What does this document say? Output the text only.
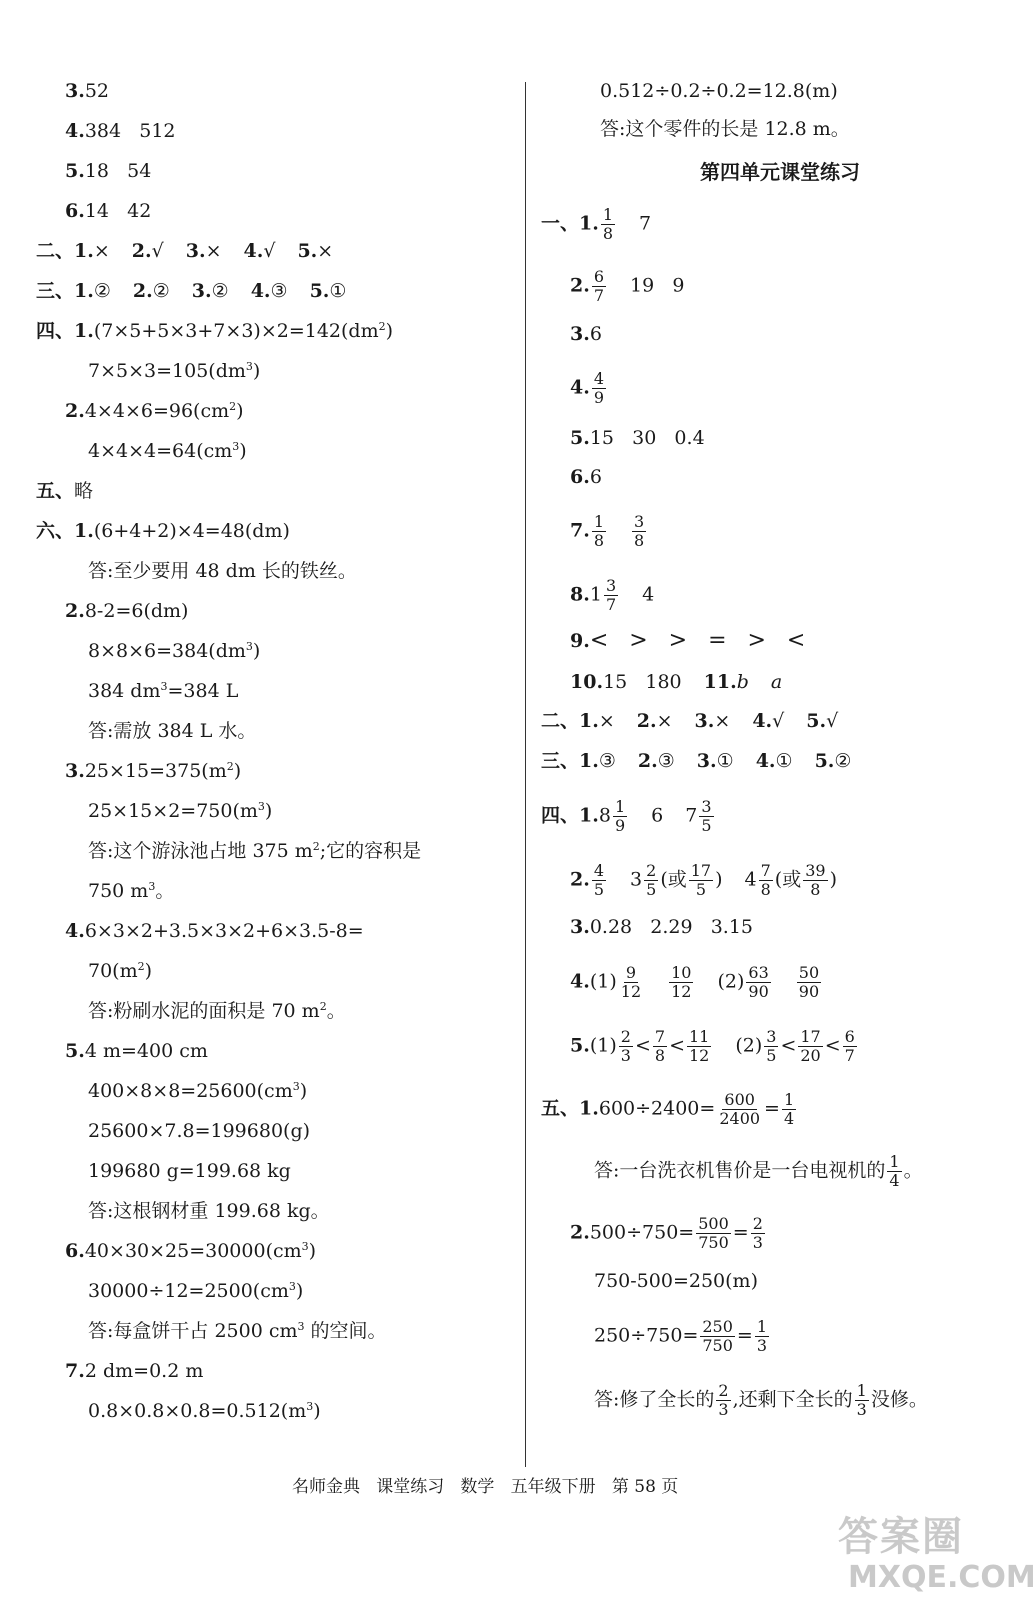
3.52
4.384   512
5.18   54
6.14   42
二、1.× 2.√ 3.× 4.√ 5.×
三、1.② 2.② 3.② 4.③ 5.①
四、$1.(7\times 5+5\times 3+7\times 3)\times 2=142(dm^2)$
$7\times 5\times 3=105(dm^3)$
$2.4\times 4\times 6=96(cm^2)$
$4\times 4\times 4=64(cm^3)$
五、略
六、1.(6+4+2)×4=48(dm)
答:至少要用 48 dm 长的铁丝。
2.8-2=6(dm)
$8\times 8\times 6=384(dm^3)$
384 $dm^3=384$ L
答:需放 384 L 水。
$3.25\times 15=375(m^2)$
$25\times 15\times 2=750(m^3)$
答:这个游泳池占地 375 $m^2$;它的容积是
750 $m^3$。
4.6×3×2+3.5×3×2+6×3.5-8=
$70(m^2)$
答:粉刷水泥的面积是 70 $m^2$。
5.4 m=400 cm
$400\times 8\times 8=25600(cm^3)$
25600×7.8=199680(g)
199680 g=199.68 kg
答:这根钢材重 199.68 kg。
$6.40\times 30\times 25=30000(cm^3)$
$30000\div 12=2500(cm^3)$
答:每盒饼干占 2500 $cm^3$ 的空间。
7.2 dm=0.2 m
$0.8\times 0.8\times 0.8=0.512(m^3)$
0.512÷0.2÷0.2=12.8(m)
答:这个零件的长是 12.8 m。
第四单元课堂练习
一、1. $\frac{1}{8} 7$
2. $\frac{6}{7} 19$   9
3.6
4. $\frac{4}{9}$
5.15   30   0.4
6.6
7. $\frac{1}{8} \frac{3}{8}$
$8.1 \frac{3}{7} 4$
9.<   >   >   =   >   <
10.15   180 11.b a
二、1.× 2.× 3.× 4.√ 5.√
三、1.③ 2.③ 3.① 4.① 5.②
四、$1.8 \frac{1}{9} 6$ $7 \frac{3}{5}$
2. $\frac{4}{5} 3 \frac{2}{5}$ (或 $\frac{17}{5}$ ) $4 \frac{7}{8}$ (或 $\frac{39}{8}$ )
3.0.28   2.29   3.15
$4.(1) \frac{9}{12} \frac{10}{12} (2) \frac{63}{90} \frac{50}{90}$
$5.(1) \frac{2}{3} < \frac{7}{8} < \frac{11}{12} (2) \frac{3}{5} < \frac{17}{20} < \frac{6}{7}$
五、$1.600\div 2400= \frac{600}{2400} = \frac{1}{4}$
答:一台洗衣机售价是一台电视机的 $\frac{1}{4}$ 。
$2.500\div 750= \frac{500}{750} = \frac{2}{3}$
750-500=250(m)
$250\div 750= \frac{250}{750} = \frac{1}{3}$
答:修了全长的 $\frac{2}{3}$ ,还剩下全长的 $\frac{1}{3}$ 没修。
名师金典   课堂练习   数学   五年级下册   第 58 页
答案圈
MXQE.COM
